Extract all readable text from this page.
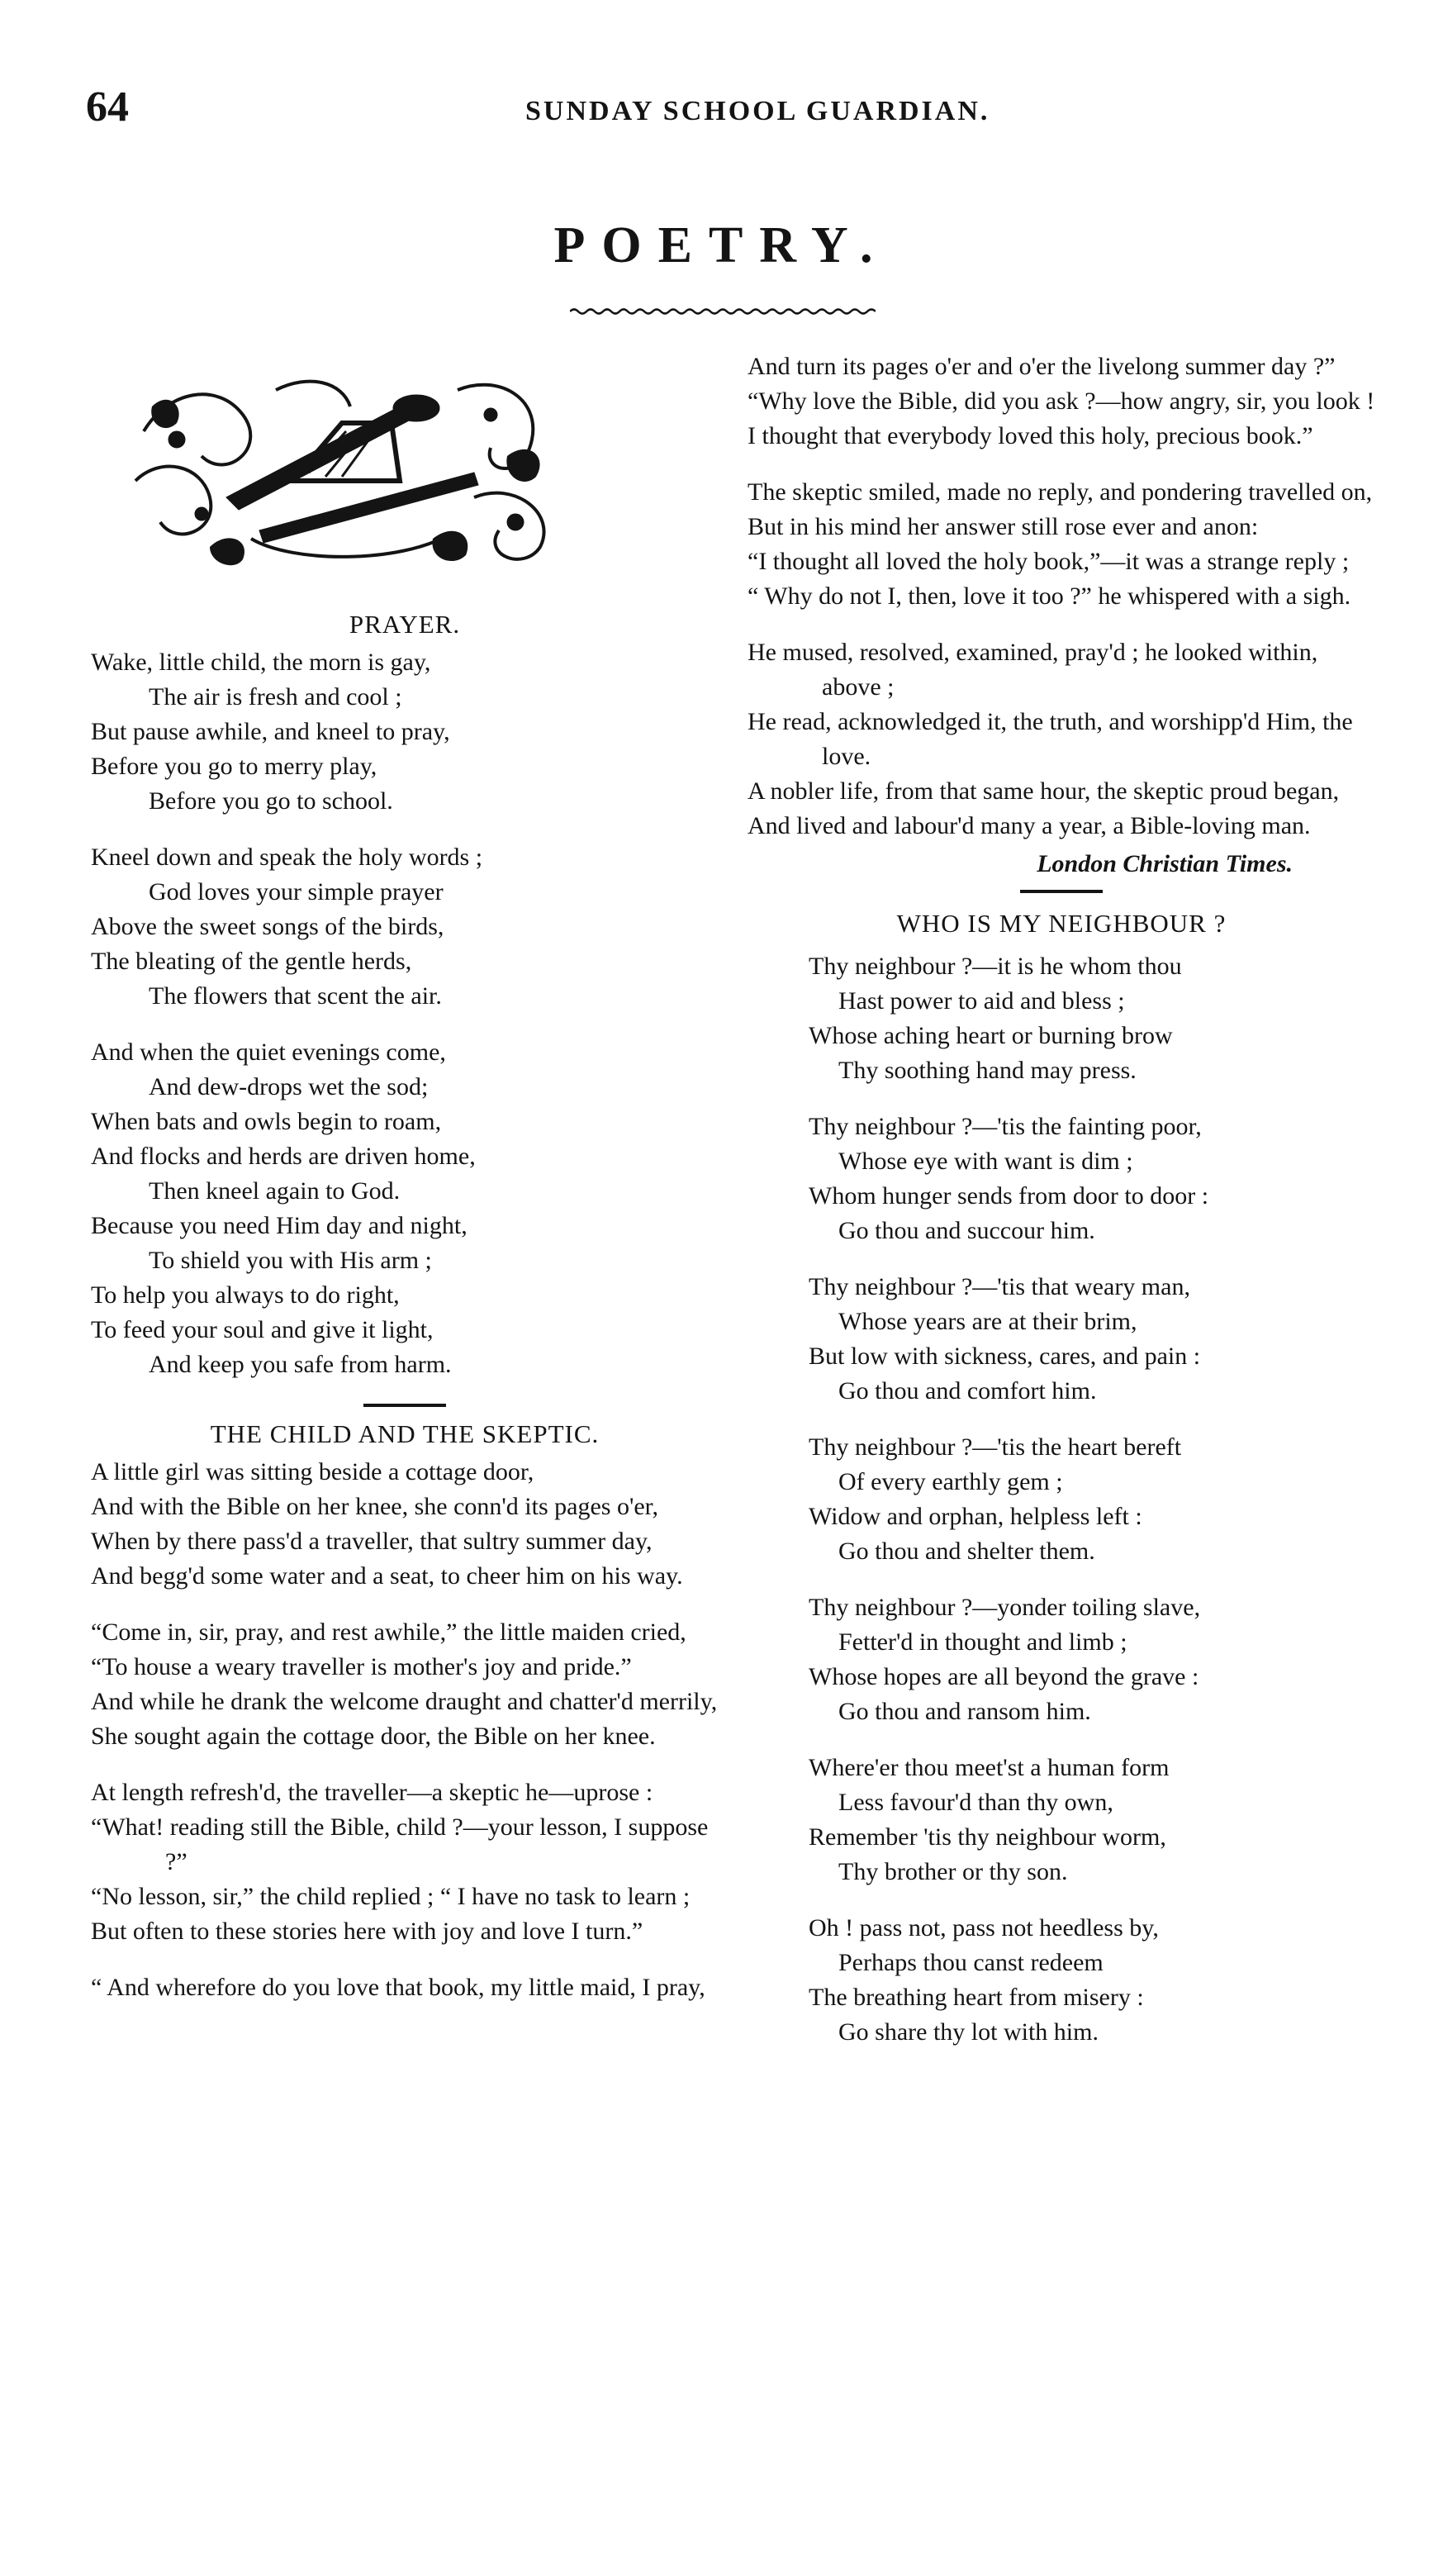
64	SUNDAY SCHOOL GUARDIAN.
POETRY.
PRAYER.
Wake, little child, the morn is gay,
The air is fresh and cool ;
But pause awhile, and kneel to pray,
Before you go to merry play,
Before you go to school.
Kneel down and speak the holy words ;
God loves your simple prayer
Above the sweet songs of the birds,
The bleating of the gentle herds,
The flowers that scent the air.
And when the quiet evenings come,
And dew-drops wet the sod;
When bats and owls begin to roam,
And flocks and herds are driven home,
Then kneel again to God.
Because you need Him day and night,
To shield you with His arm ;
To help you always to do right,
To feed your soul and give it light,
And keep you safe from harm.
THE CHILD AND THE SKEPTIC.
A little girl was sitting beside a cottage door,
And with the Bible on her knee, she conn'd its pages o'er,
When by there pass'd a traveller, that sultry summer day,
And begg'd some water and a seat, to cheer him on his way.
“Come in, sir, pray, and rest awhile,” the little maiden cried,
“To house a weary traveller is mother's joy and pride.”
And while he drank the welcome draught and chatter'd merrily,
She sought again the cottage door, the Bible on her knee.
At length refresh'd, the traveller—a skeptic he—uprose :
“What! reading still the Bible, child ?—your lesson, I suppose ?”
“No lesson, sir,” the child replied ; “ I have no task to learn ;
But often to these stories here with joy and love I turn.”
“ And wherefore do you love that book, my little maid, I pray,
And turn its pages o'er and o'er the livelong summer day ?”
“Why love the Bible, did you ask ?—how angry, sir, you look !
I thought that everybody loved this holy, precious book.”
The skeptic smiled, made no reply, and pondering travelled on,
But in his mind her answer still rose ever and anon:
“I thought all loved the holy book,”—it was a strange reply ;
“ Why do not I, then, love it too ?” he whispered with a sigh.
He mused, resolved, examined, pray'd ; he looked within, above ;
He read, acknowledged it, the truth, and worshipp'd Him, the love.
A nobler life, from that same hour, the skeptic proud began,
And lived and labour'd many a year, a Bible-loving man.
London Christian Times.
WHO IS MY NEIGHBOUR ?
Thy neighbour ?—it is he whom thou
Hast power to aid and bless ;
Whose aching heart or burning brow
Thy soothing hand may press.
Thy neighbour ?—'tis the fainting poor,
Whose eye with want is dim ;
Whom hunger sends from door to door :
Go thou and succour him.
Thy neighbour ?—'tis that weary man,
Whose years are at their brim,
But low with sickness, cares, and pain :
Go thou and comfort him.
Thy neighbour ?—'tis the heart bereft
Of every earthly gem ;
Widow and orphan, helpless left :
Go thou and shelter them.
Thy neighbour ?—yonder toiling slave,
Fetter'd in thought and limb ;
Whose hopes are all beyond the grave :
Go thou and ransom him.
Where'er thou meet'st a human form
Less favour'd than thy own,
Remember 'tis thy neighbour worm,
Thy brother or thy son.
Oh ! pass not, pass not heedless by,
Perhaps thou canst redeem
The breathing heart from misery :
Go share thy lot with him.
